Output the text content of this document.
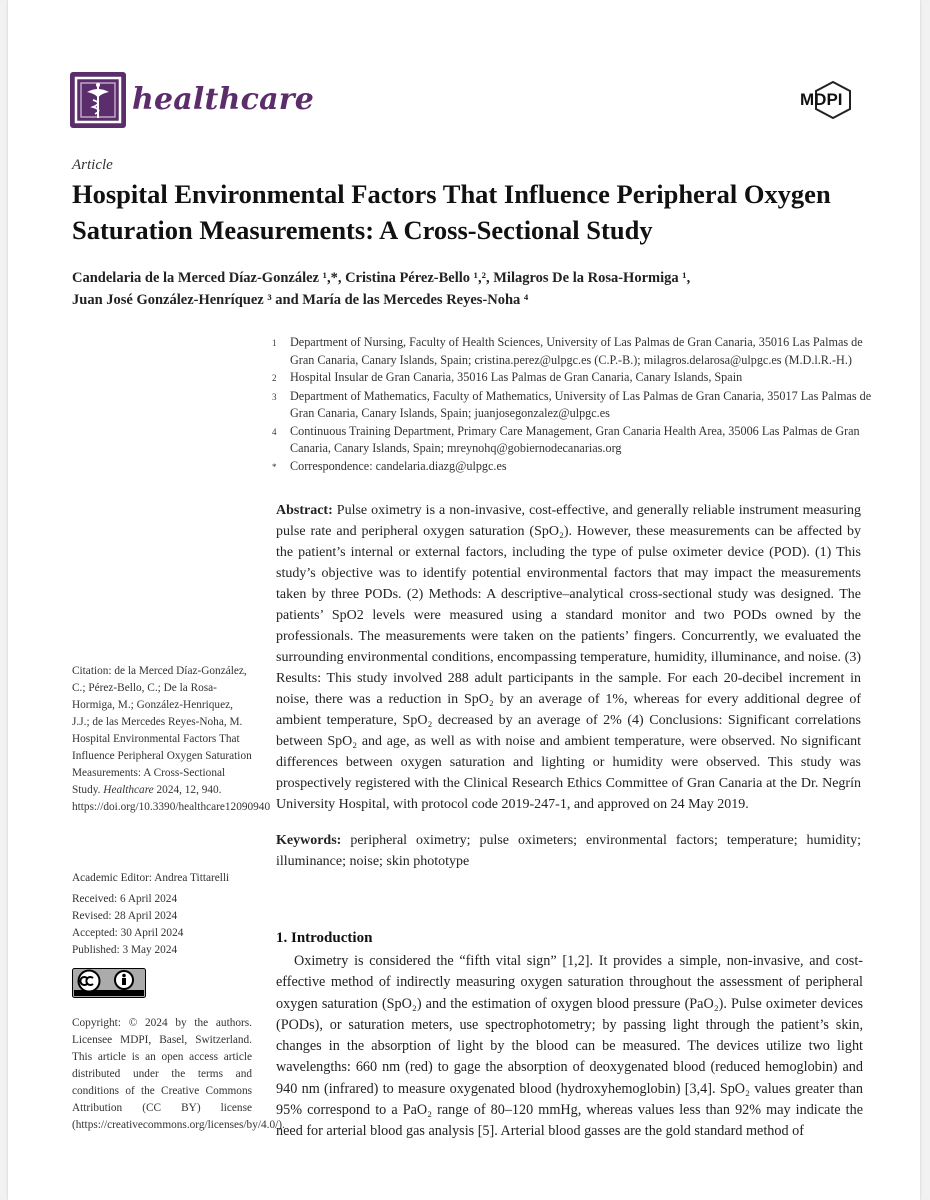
healthcare	MDPI
Article
Hospital Environmental Factors That Influence Peripheral Oxygen Saturation Measurements: A Cross-Sectional Study
Candelaria de la Merced Díaz-González ¹,*, Cristina Pérez-Bello ¹,², Milagros De la Rosa-Hormiga ¹,
Juan José González-Henríquez ³ and María de las Mercedes Reyes-Noha ⁴
1	Department of Nursing, Faculty of Health Sciences, University of Las Palmas de Gran Canaria, 35016 Las Palmas de Gran Canaria, Canary Islands, Spain; cristina.perez@ulpgc.es (C.P.-B.); milagros.delarosa@ulpgc.es (M.D.l.R.-H.)
2	Hospital Insular de Gran Canaria, 35016 Las Palmas de Gran Canaria, Canary Islands, Spain
3	Department of Mathematics, Faculty of Mathematics, University of Las Palmas de Gran Canaria, 35017 Las Palmas de Gran Canaria, Canary Islands, Spain; juanjosegonzalez@ulpgc.es
4	Continuous Training Department, Primary Care Management, Gran Canaria Health Area, 35006 Las Palmas de Gran Canaria, Canary Islands, Spain; mreynohq@gobiernodecanarias.org
*	Correspondence: candelaria.diazg@ulpgc.es
Abstract: Pulse oximetry is a non-invasive, cost-effective, and generally reliable instrument measuring pulse rate and peripheral oxygen saturation (SpO₂). However, these measurements can be affected by the patient’s internal or external factors, including the type of pulse oximeter device (POD). (1) This study’s objective was to identify potential environmental factors that may impact the measurements taken by three PODs. (2) Methods: A descriptive–analytical cross-sectional study was designed. The patients’ SpO2 levels were measured using a standard monitor and two PODs owned by the professionals. The measurements were taken on the patients’ fingers. Concurrently, we evaluated the surrounding environmental conditions, encompassing temperature, humidity, illuminance, and noise. (3) Results: This study involved 288 adult participants in the sample. For each 20-decibel increment in noise, there was a reduction in SpO₂ by an average of 1%, whereas for every additional degree of ambient temperature, SpO₂ decreased by an average of 2% (4) Conclusions: Significant correlations between SpO₂ and age, as well as with noise and ambient temperature, were observed. No significant differences between oxygen saturation and lighting or humidity were observed. This study was prospectively registered with the Clinical Research Ethics Committee of Gran Canaria at the Dr. Negrín University Hospital, with protocol code 2019-247-1, and approved on 24 May 2019.
Keywords: peripheral oximetry; pulse oximeters; environmental factors; temperature; humidity; illuminance; noise; skin phototype
Citation: de la Merced Díaz-González, C.; Pérez-Bello, C.; De la Rosa-Hormiga, M.; González-Henriquez, J.J.; de las Mercedes Reyes-Noha, M. Hospital Environmental Factors That Influence Peripheral Oxygen Saturation Measurements: A Cross-Sectional Study. Healthcare 2024, 12, 940. https://doi.org/10.3390/healthcare12090940
Academic Editor: Andrea Tittarelli
Received: 6 April 2024
Revised: 28 April 2024
Accepted: 30 April 2024
Published: 3 May 2024
Copyright: © 2024 by the authors. Licensee MDPI, Basel, Switzerland. This article is an open access article distributed under the terms and conditions of the Creative Commons Attribution (CC BY) license (https://creativecommons.org/licenses/by/4.0/).
1. Introduction
Oximetry is considered the “fifth vital sign” [1,2]. It provides a simple, non-invasive, and cost-effective method of indirectly measuring oxygen saturation throughout the assessment of peripheral oxygen saturation (SpO₂) and the estimation of oxygen blood pressure (PaO₂). Pulse oximeter devices (PODs), or saturation meters, use spectrophotometry; by passing light through the patient’s skin, changes in the absorption of light by the blood can be measured. The devices utilize two light wavelengths: 660 nm (red) to gage the absorption of deoxygenated blood (reduced hemoglobin) and 940 nm (infrared) to measure oxygenated blood (hydroxyhemoglobin) [3,4]. SpO₂ values greater than 95% correspond to a PaO₂ range of 80–120 mmHg, whereas values less than 92% may indicate the need for arterial blood gas analysis [5]. Arterial blood gasses are the gold standard method of
